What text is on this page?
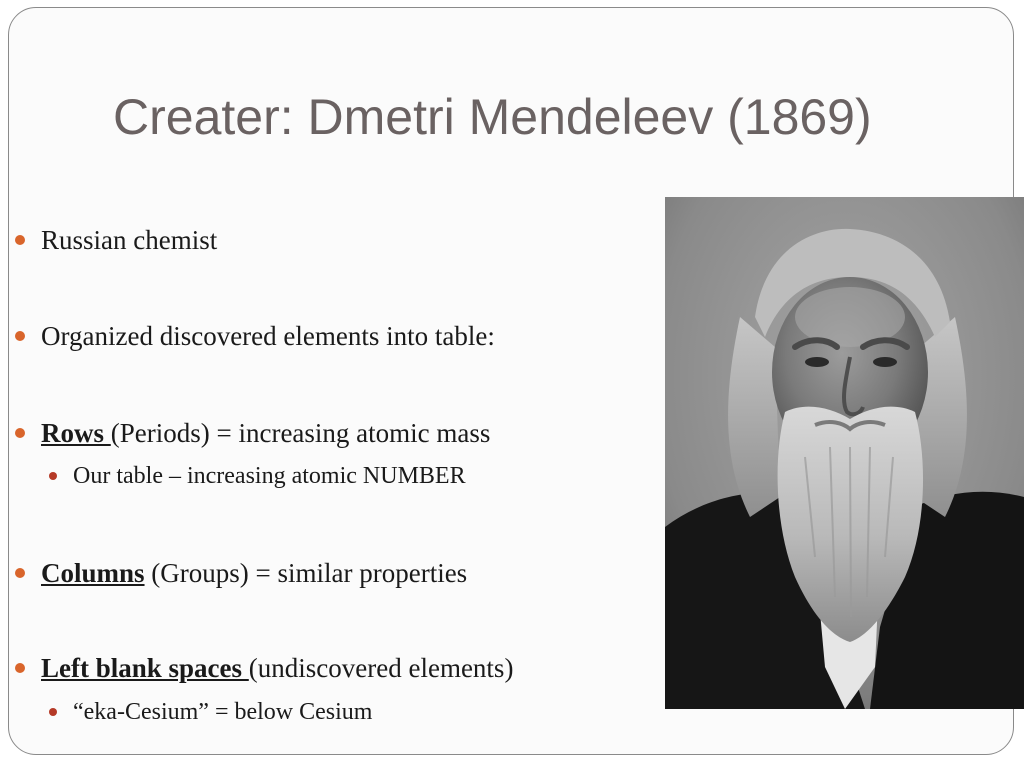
Creater: Dmetri Mendeleev (1869)
Russian chemist
Organized discovered elements into table:
Rows (Periods) = increasing atomic mass
Our table – increasing atomic NUMBER
Columns (Groups) = similar properties
Left blank spaces (undiscovered elements)
“eka-Cesium” = below Cesium
